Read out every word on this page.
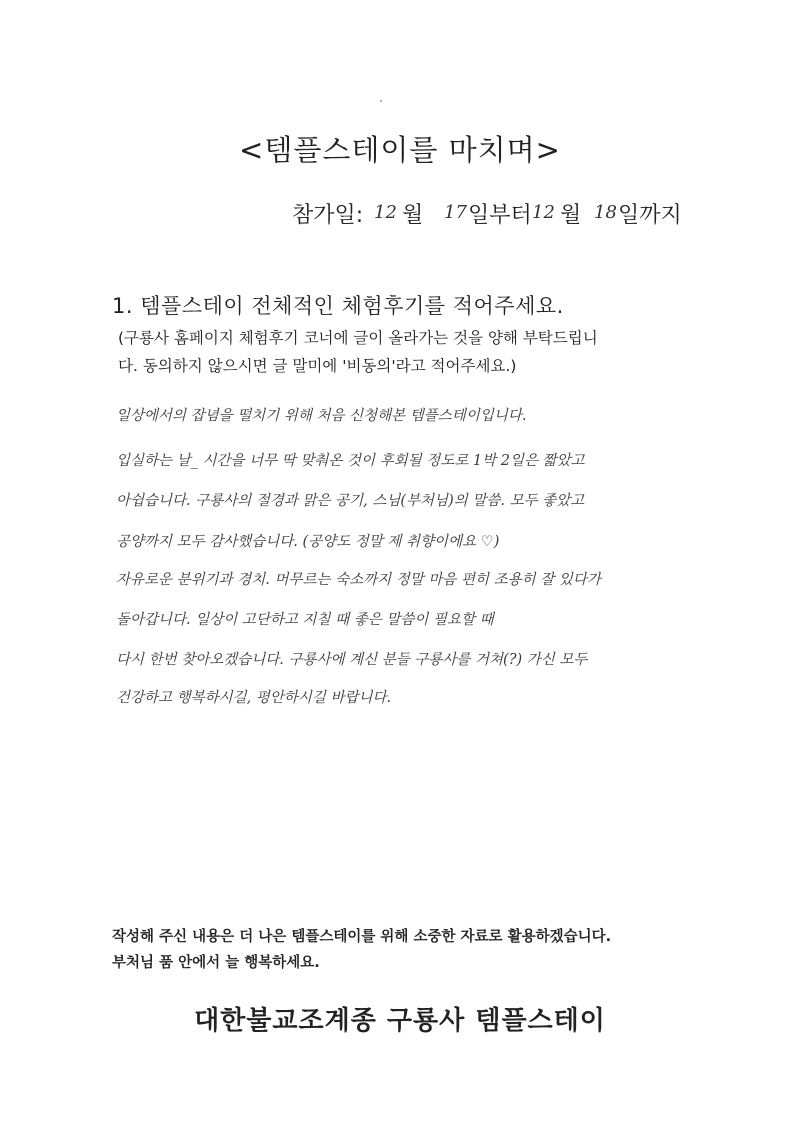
<템플스테이를 마치며>
참가일: 12 월 17 일부터 12 월 18 일까지
1. 템플스테이 전체적인 체험후기를 적어주세요.
(구룡사 홈페이지 체험후기 코너에 글이 올라가는 것을 양해 부탁드립니
다. 동의하지 않으시면 글 말미에 '비동의'라고 적어주세요.)
일상에서의 잡념을 떨치기 위해 처음 신청해본 템플스테이입니다.
입실하는 날_ 시간을 너무 딱 맞춰온 것이 후회될 정도로 1박 2일은 짧았고
아쉽습니다. 구룡사의 절경과 맑은 공기, 스님(부처님)의 말씀. 모두 좋았고
공양까지 모두 감사했습니다. (공양도 정말 제 취향이에요 ♡)
자유로운 분위기과 경치. 머무르는 숙소까지 정말 마음 편히 조용히 잘 있다가
돌아갑니다. 일상이 고단하고 지칠 때 좋은 말씀이 필요할 때
다시 한번 찾아오겠습니다. 구룡사에 계신 분들 구룡사를 거쳐(?) 가신 모두
건강하고 행복하시길, 평안하시길 바랍니다.
작성해 주신 내용은 더 나은 템플스테이를 위해 소중한 자료로 활용하겠습니다.
부처님 품 안에서 늘 행복하세요.
대한불교조계종 구룡사 템플스테이
